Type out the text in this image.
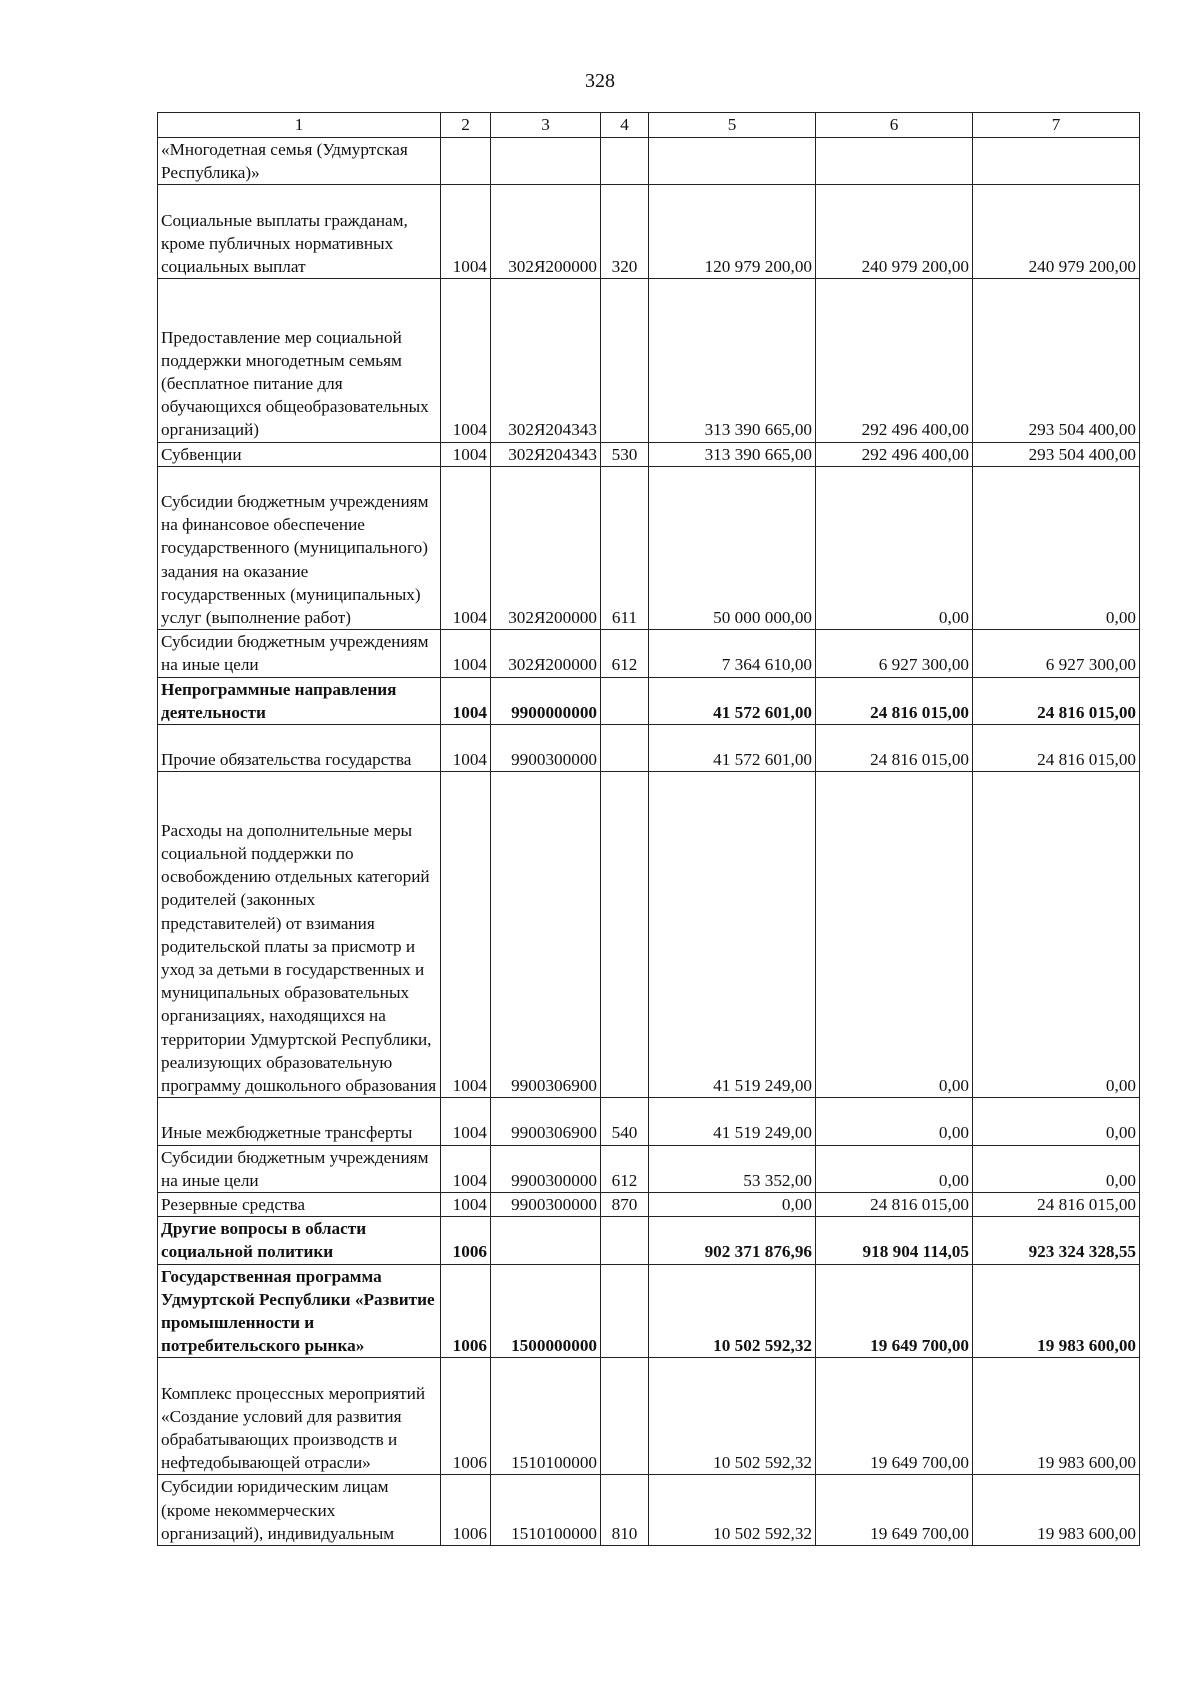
328
1	2	3	4	5	6	7
«Многодетная семья (Удмуртская Республика)»						
Социальные выплаты гражданам, кроме публичных нормативных социальных выплат	1004	302Я200000	320	120 979 200,00	240 979 200,00	240 979 200,00
Предоставление мер социальной поддержки многодетным семьям (бесплатное питание для обучающихся общеобразовательных организаций)	1004	302Я204343		313 390 665,00	292 496 400,00	293 504 400,00
Субвенции	1004	302Я204343	530	313 390 665,00	292 496 400,00	293 504 400,00
Субсидии бюджетным учреждениям на финансовое обеспечение государственного (муниципального) задания на оказание государственных (муниципальных) услуг (выполнение работ)	1004	302Я200000	611	50 000 000,00	0,00	0,00
Субсидии бюджетным учреждениям на иные цели	1004	302Я200000	612	7 364 610,00	6 927 300,00	6 927 300,00
Непрограммные направления деятельности	1004	9900000000		41 572 601,00	24 816 015,00	24 816 015,00
Прочие обязательства государства	1004	9900300000		41 572 601,00	24 816 015,00	24 816 015,00
Расходы на дополнительные меры социальной поддержки по освобождению отдельных категорий родителей (законных представителей) от взимания родительской платы за присмотр и уход за детьми в государственных и муниципальных образовательных организациях, находящихся на территории Удмуртской Республики, реализующих образовательную программу дошкольного образования	1004	9900306900		41 519 249,00	0,00	0,00
Иные межбюджетные трансферты	1004	9900306900	540	41 519 249,00	0,00	0,00
Субсидии бюджетным учреждениям на иные цели	1004	9900300000	612	53 352,00	0,00	0,00
Резервные средства	1004	9900300000	870	0,00	24 816 015,00	24 816 015,00
Другие вопросы в области социальной политики	1006			902 371 876,96	918 904 114,05	923 324 328,55
Государственная программа Удмуртской Республики «Развитие промышленности и потребительского рынка»	1006	1500000000		10 502 592,32	19 649 700,00	19 983 600,00
Комплекс процессных мероприятий «Создание условий для развития обрабатывающих производств и нефтедобывающей отрасли»	1006	1510100000		10 502 592,32	19 649 700,00	19 983 600,00
Субсидии юридическим лицам (кроме некоммерческих организаций), индивидуальным	1006	1510100000	810	10 502 592,32	19 649 700,00	19 983 600,00
